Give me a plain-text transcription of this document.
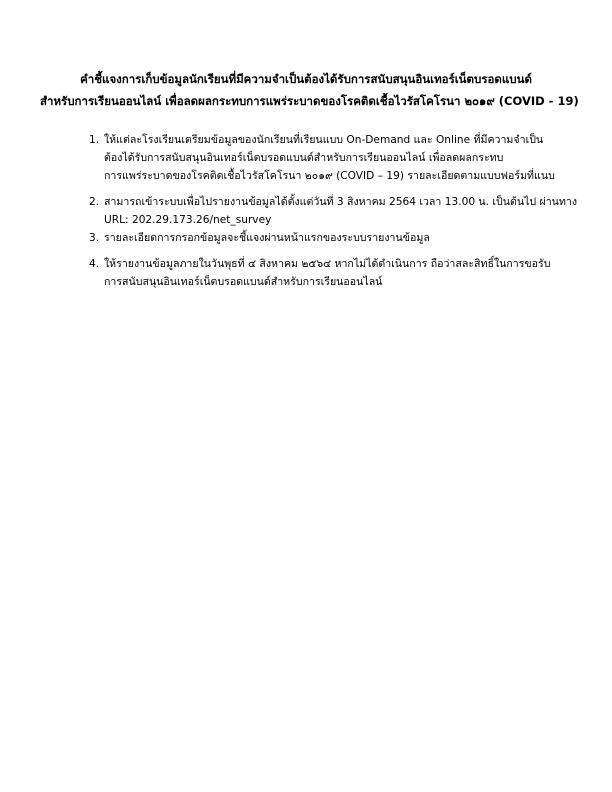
คำชี้แจงการเก็บข้อมูลนักเรียนที่มีความจำเป็นต้องได้รับการสนับสนุนอินเทอร์เน็ตบรอดแบนด์
สำหรับการเรียนออนไลน์ เพื่อลดผลกระทบการแพร่ระบาดของโรคติดเชื้อไวรัสโคโรนา ๒๐๑๙ (COVID - 19)
1. ให้แต่ละโรงเรียนเตรียมข้อมูลของนักเรียนที่เรียนแบบ On-Demand และ Online ที่มีความจำเป็น
ต้องได้รับการสนับสนุนอินเทอร์เน็ตบรอดแบนด์สำหรับการเรียนออนไลน์ เพื่อลดผลกระทบ
การแพร่ระบาดของโรคติดเชื้อไวรัสโคโรนา ๒๐๑๙ (COVID – 19) รายละเอียดตามแบบฟอร์มที่แนบ
2. สามารถเข้าระบบเพื่อไปรายงานข้อมูลได้ตั้งแต่วันที่ 3 สิงหาคม 2564 เวลา 13.00 น. เป็นต้นไป ผ่านทาง
URL: 202.29.173.26/net_survey
3. รายละเอียดการกรอกข้อมูลจะชี้แจงผ่านหน้าแรกของระบบรายงานข้อมูล
4. ให้รายงานข้อมูลภายในวันพุธที่ ๔ สิงหาคม ๒๕๖๔ หากไม่ได้ดำเนินการ ถือว่าสละสิทธิ์ในการขอรับ
การสนับสนุนอินเทอร์เน็ตบรอดแบนด์สำหรับการเรียนออนไลน์
